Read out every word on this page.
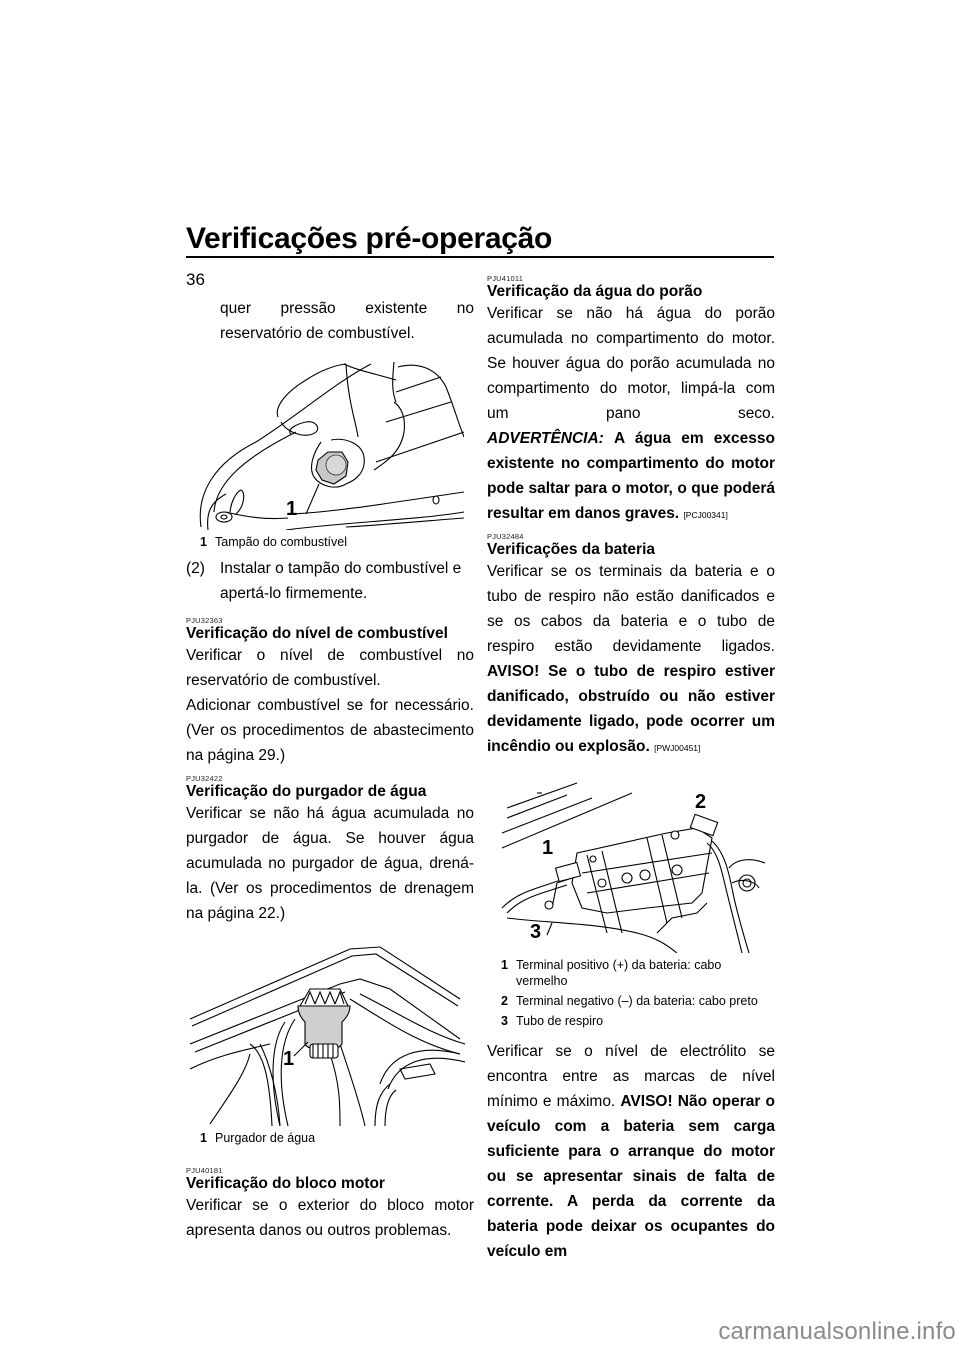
Verificações pré-operação
36

quer pressão existente no reservatório de combustível.

1
1 Tampão do combustível
(2) Instalar o tampão do combustível e apertá-lo firmemente.
PJU32363
Verificação do nível de combustível

Verificar o nível de combustível no reservatório de combustível.

Adicionar combustível se for necessário. (Ver os procedimentos de abastecimento na página 29.)

PJU32422
Verificação do purgador de água

Verificar se não há água acumulada no purgador de água. Se houver água acumulada no purgador de água, drená-la. (Ver os procedimentos de drenagem na página 22.)

1
1 Purgador de água
PJU40181
Verificação do bloco motor

Verificar se o exterior do bloco motor apresenta danos ou outros problemas.

PJU41011
Verificação da água do porão

Verificar se não há água do porão acumulada no compartimento do motor. Se houver água do porão acumulada no compartimento do motor, limpá-la com um pano seco.

ADVERTÊNCIA: A água em excesso existente no compartimento do motor pode saltar para o motor, o que poderá resultar em danos graves. [PCJ00341]

PJU32484
Verificações da bateria

Verificar se os terminais da bateria e o tubo de respiro não estão danificados e se os cabos da bateria e o tubo de respiro estão devidamente ligados. AVISO! Se o tubo de respiro estiver danificado, obstruído ou não estiver devidamente ligado, pode ocorrer um incêndio ou explosão. [PWJ00451]

1
2
3
1 Terminal positivo (+) da bateria: cabo vermelho
2 Terminal negativo (–) da bateria: cabo preto
3 Tubo de respiro

Verificar se o nível de electrólito se encontra entre as marcas de nível mínimo e máximo. AVISO! Não operar o veículo com a bateria sem carga suficiente para o arranque do motor ou se apresentar sinais de falta de corrente. A perda da corrente da bateria pode deixar os ocupantes do veículo em

carmanualsonline.info
